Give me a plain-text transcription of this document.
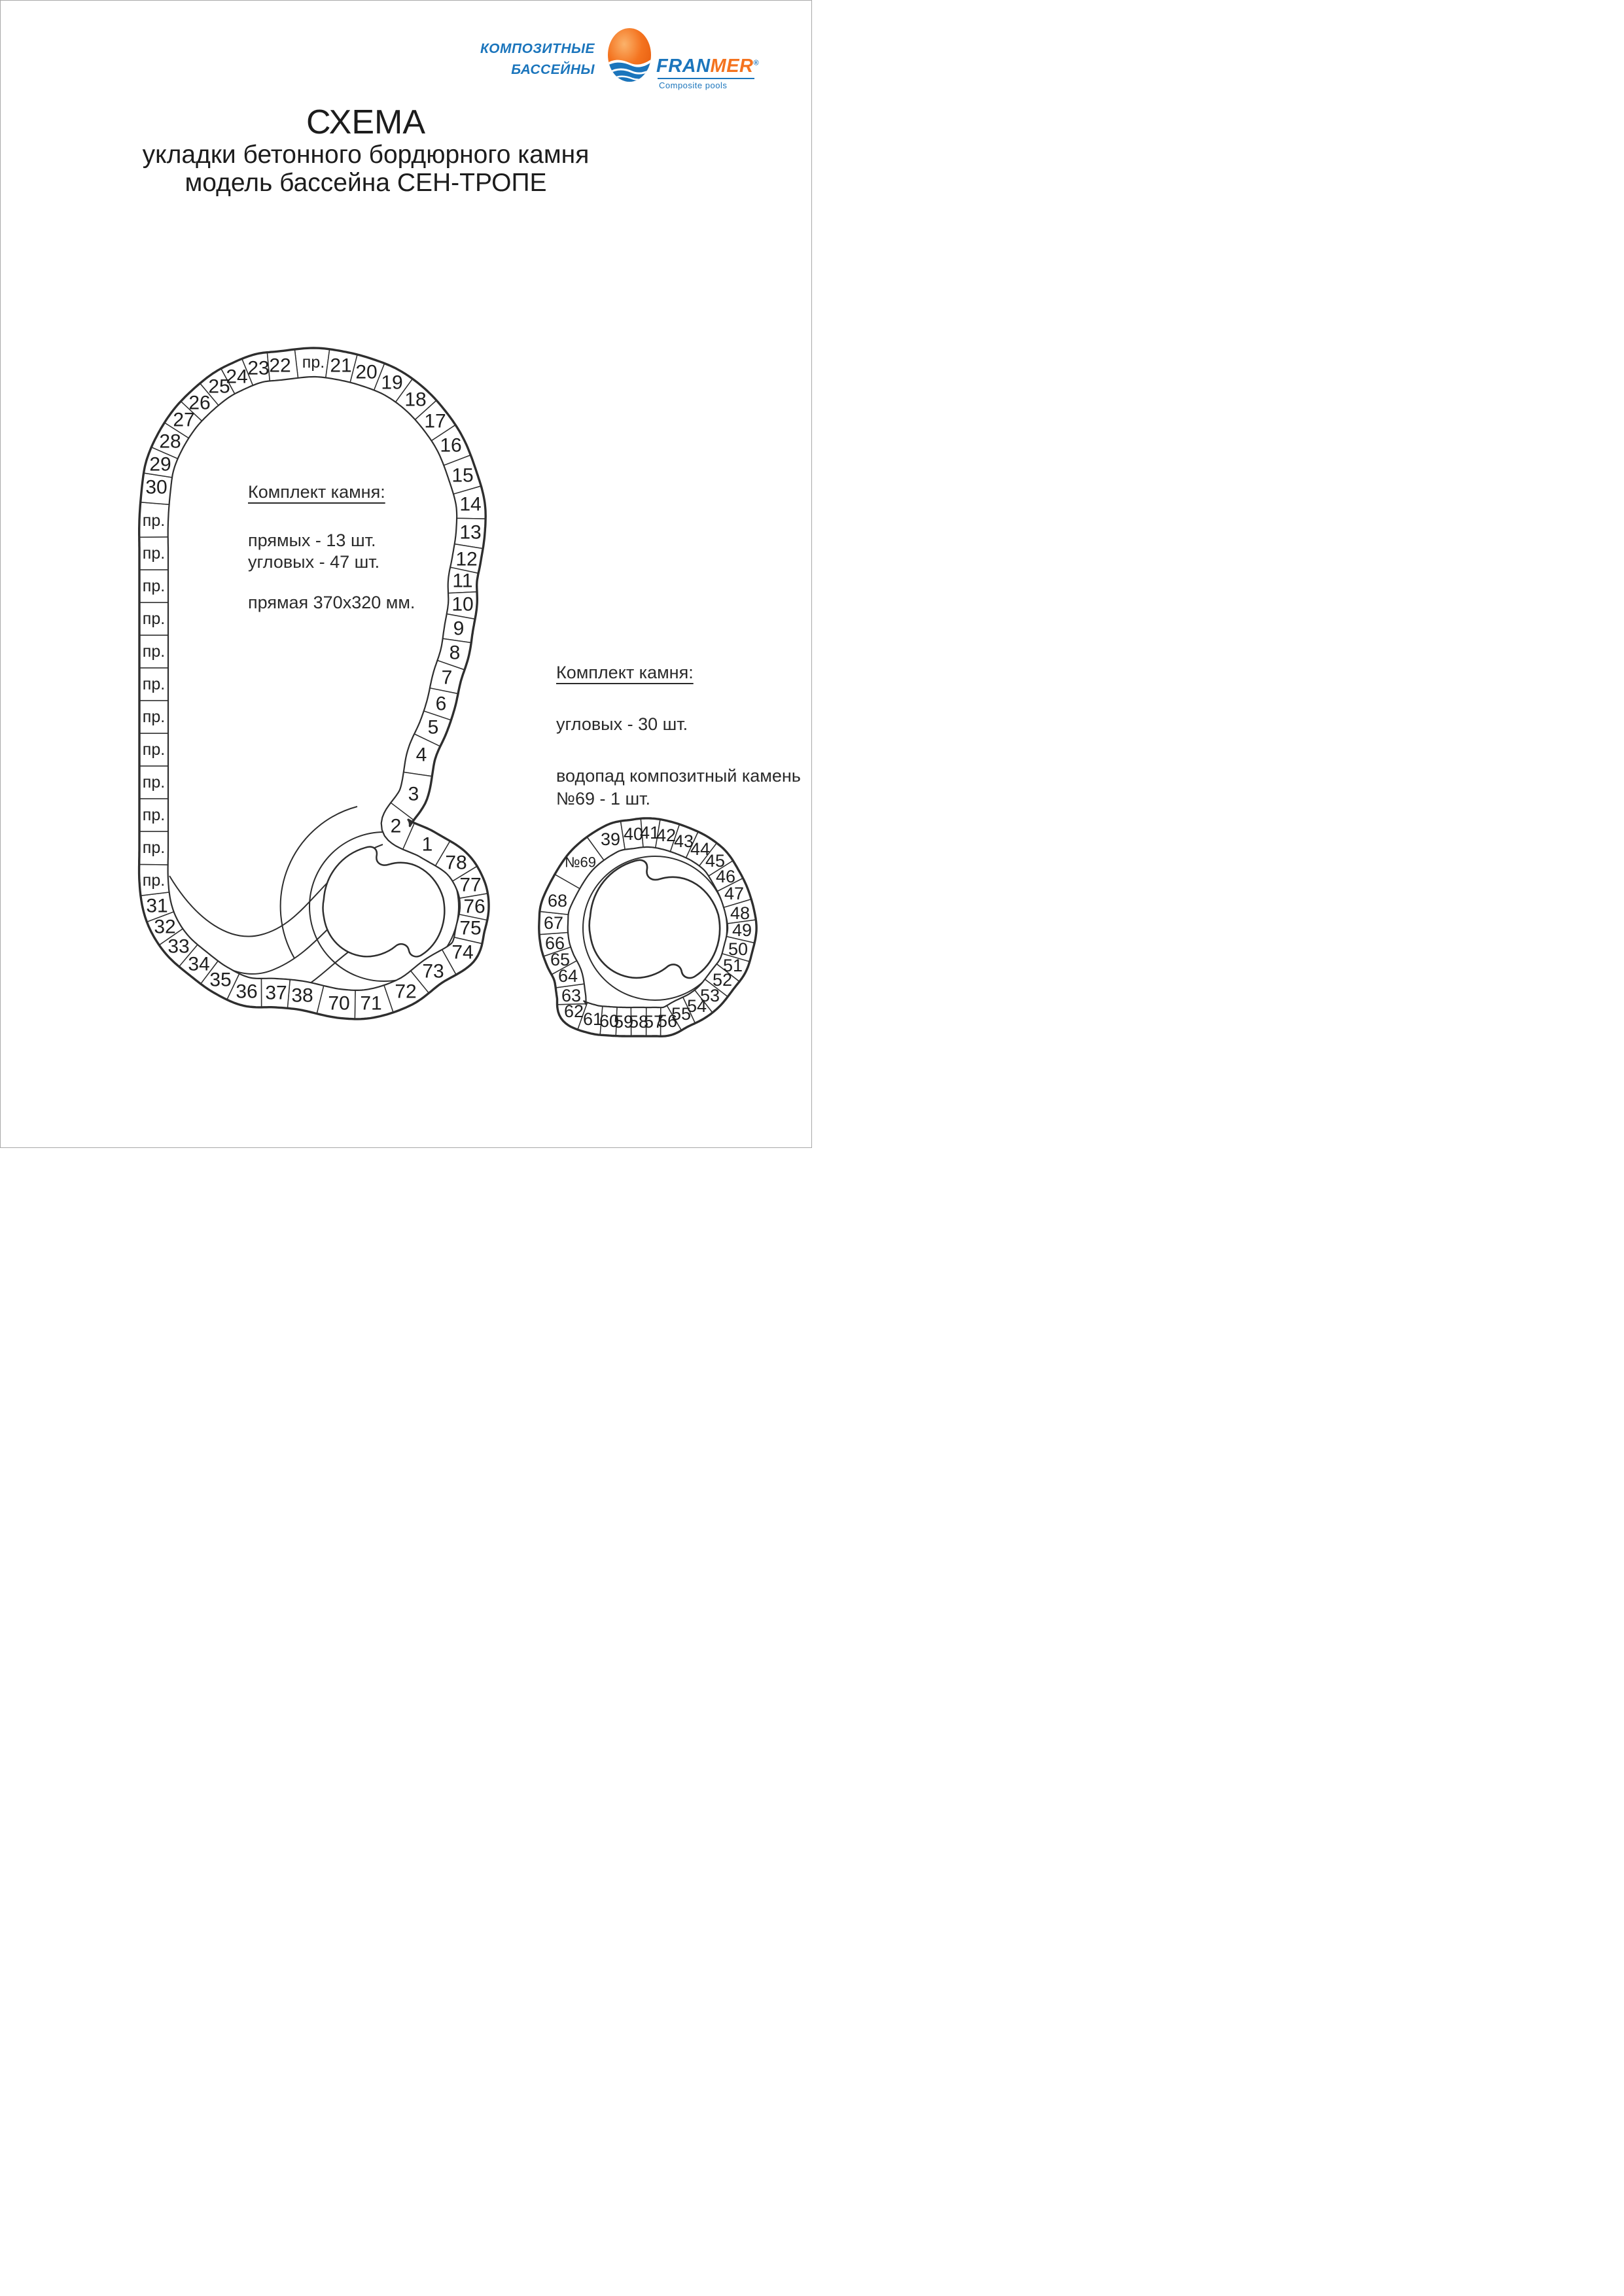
КОМПОЗИТНЫЕ
БАССЕЙНЫ	FRANMER®
Composite pools
СХЕМА
укладки бетонного бордюрного камня
модель бассейна СЕН-ТРОПЕ
пр. 21 20 19
18
17
16
15
14
13
12
11
10
9
8
7
6
5
4
3
2
1
78
77
76
75
74
73
72
71
70
38
37
36
35
34
33
32
31
пр.
пр.
пр.
пр.
пр.
пр.
пр.
пр.
пр.
пр.
пр.
пр.
30
29
28
27
26
25
24 23 22
39 40
41
42
43
44
45
46
47
48
49
50
51
52
53
54
55
56
57
58
59
60
61
62
63
64
65
66
67
68
№69
Комплект камня:
прямых - 13 шт.
угловых - 47 шт.
прямая 370х320 мм.
Комплект камня:
угловых - 30 шт.
водопад композитный камень
№69 - 1 шт.
